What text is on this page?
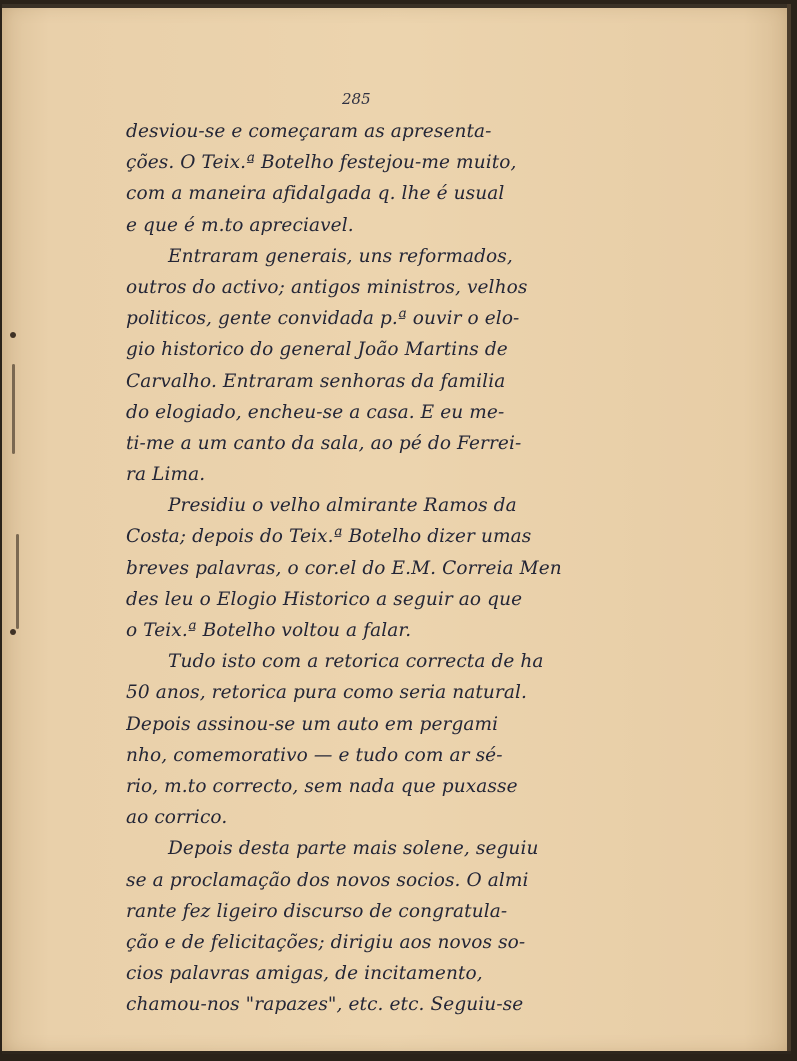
285
desviou-se e começaram as apresenta-
ções. O Teix.ª Botelho festejou-me muito,
com a maneira afidalgada q. lhe é usual
e que é m.to apreciavel.
Entraram generais, uns reformados,
outros do activo; antigos ministros, velhos
politicos, gente convidada p.ª ouvir o elo-
gio historico do general João Martins de
Carvalho. Entraram senhoras da familia
do elogiado, encheu-se a casa. E eu me-
ti-me a um canto da sala, ao pé do Ferrei-
ra Lima.
Presidiu o velho almirante Ramos da
Costa; depois do Teix.ª Botelho dizer umas
breves palavras, o cor.el do E.M. Correia Men
des leu o Elogio Historico a seguir ao que
o Teix.ª Botelho voltou a falar.
Tudo isto com a retorica correcta de ha
50 anos, retorica pura como seria natural.
Depois assinou-se um auto em pergami
nho, comemorativo — e tudo com ar sé-
rio, m.to correcto, sem nada que puxasse
ao corrico.
Depois desta parte mais solene, seguiu
se a proclamação dos novos socios. O almi
rante fez ligeiro discurso de congratula-
ção e de felicitações; dirigiu aos novos so-
cios palavras amigas, de incitamento,
chamou-nos "rapazes", etc. etc. Seguiu-se
